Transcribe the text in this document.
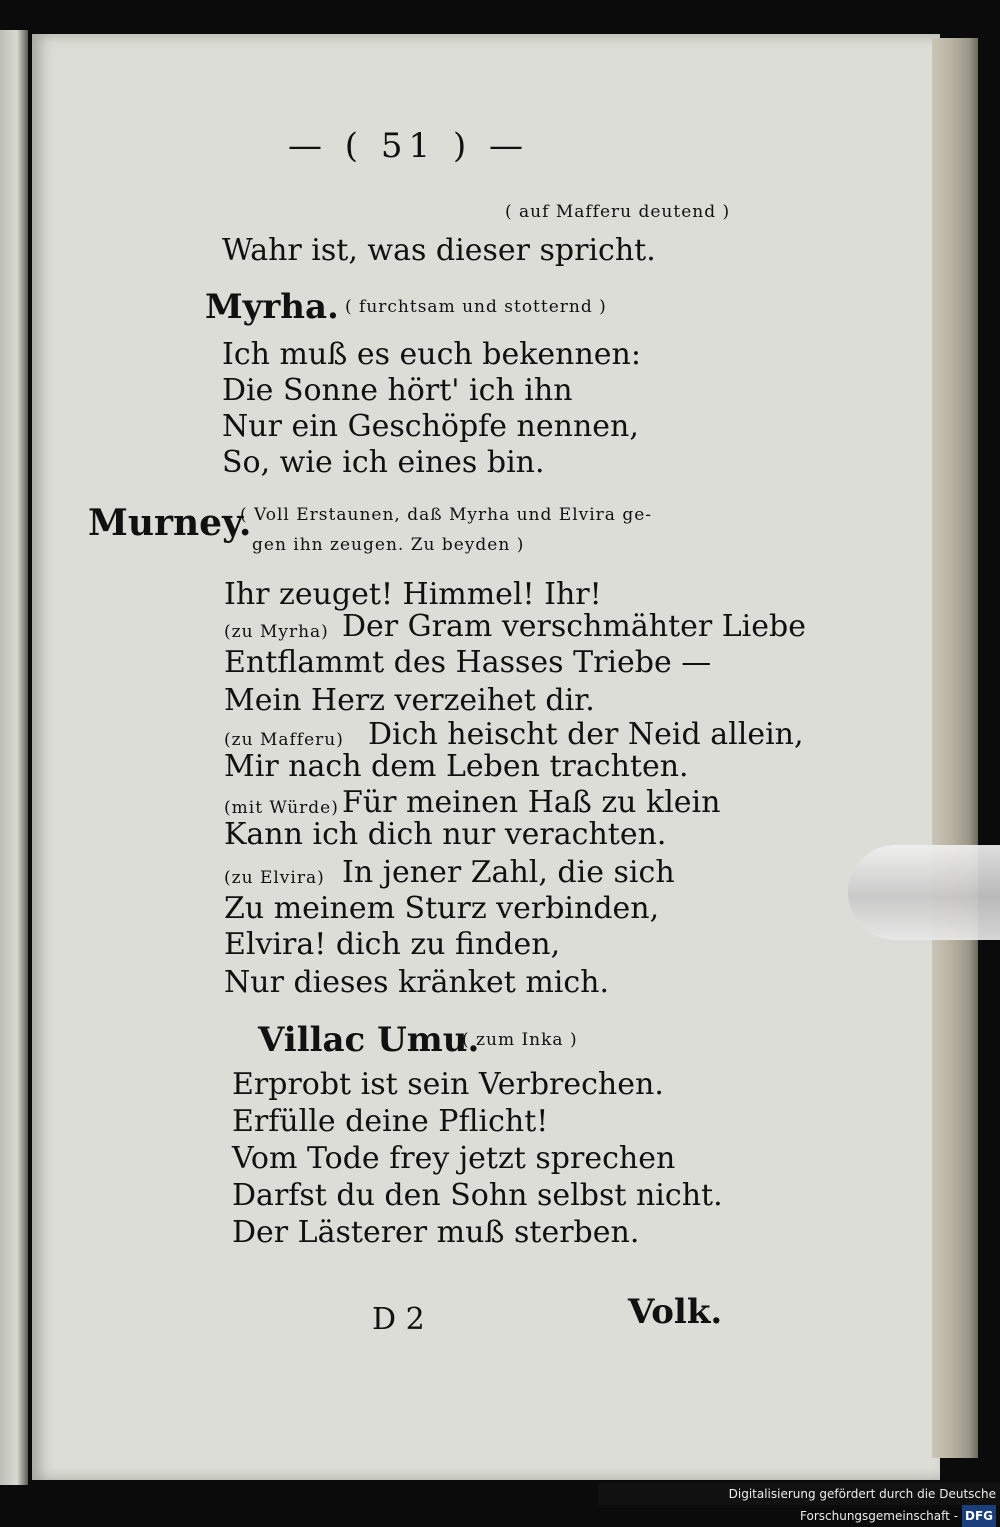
— ( 51 ) —
( auf Mafferu deutend )
Wahr ist, was dieser spricht.
Myrha. ( furchtsam und stotternd )
Murney.
( Voll Erstaunen, daß Myrha und Elvira ge-
gen ihn zeugen. Zu beyden )
Villac Umu.
( zum Inka )
D 2	Volk.
Digitalisierung gefördert durch die Deutsche Forschungsgemeinschaft - DFG
Ich muß es euch bekennen:
Die Sonne hört' ich ihn
Nur ein Geschöpfe nennen,
So, wie ich eines bin.
Ihr zeuget! Himmel! Ihr!
(zu Myrha) Der Gram verschmähter Liebe
Entflammt des Hasses Triebe —
Mein Herz verzeihet dir.
(zu Mafferu) Dich heischt der Neid allein,
Mir nach dem Leben trachten.
(mit Würde) Für meinen Haß zu klein
Kann ich dich nur verachten.
(zu Elvira) In jener Zahl, die sich
Zu meinem Sturz verbinden,
Elvira! dich zu finden,
Nur dieses kränket mich.
Erprobt ist sein Verbrechen.
Erfülle deine Pflicht!
Vom Tode frey jetzt sprechen
Darfst du den Sohn selbst nicht.
Der Lästerer muß sterben.
